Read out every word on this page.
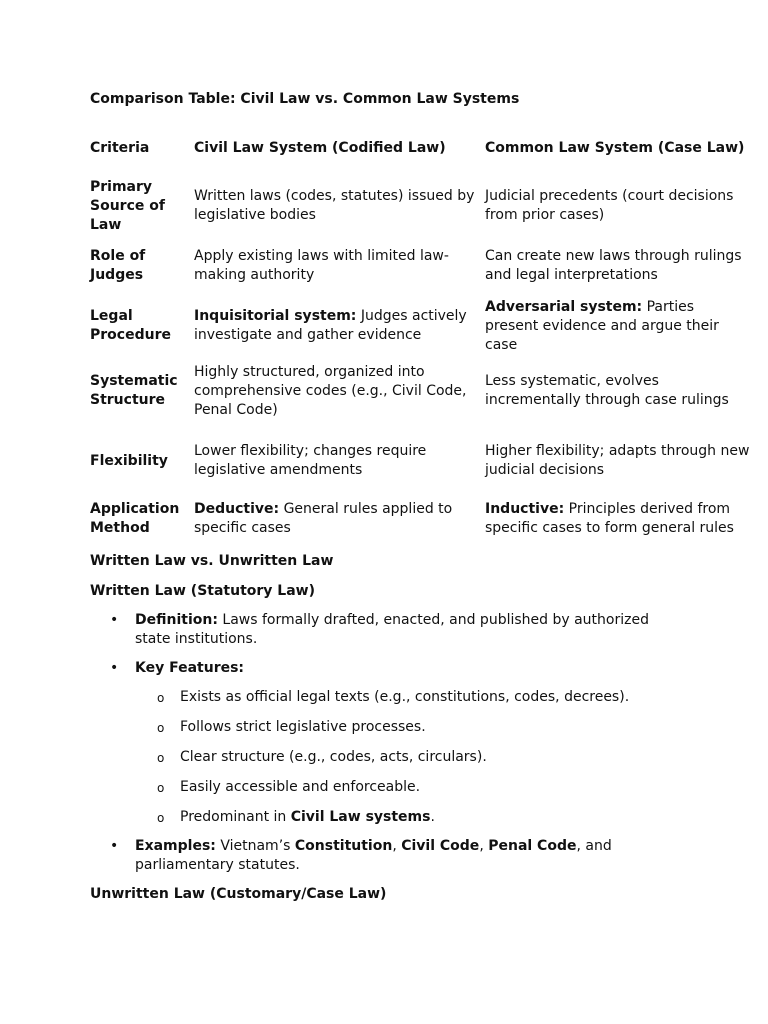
Comparison Table: Civil Law vs. Common Law Systems

Criteria	Civil Law System (Codified Law)	Common Law System (Case Law)
Primary Source of Law	Written laws (codes, statutes) issued by legislative bodies	Judicial precedents (court decisions from prior cases)
Role of Judges	Apply existing laws with limited law-making authority	Can create new laws through rulings and legal interpretations
Legal Procedure	Inquisitorial system: Judges actively investigate and gather evidence	Adversarial system: Parties present evidence and argue their case
Systematic Structure	Highly structured, organized into comprehensive codes (e.g., Civil Code, Penal Code)	Less systematic, evolves incrementally through case rulings
Flexibility	Lower flexibility; changes require legislative amendments	Higher flexibility; adapts through new judicial decisions
Application Method	Deductive: General rules applied to specific cases	Inductive: Principles derived from specific cases to form general rules

Written Law vs. Unwritten Law

Written Law (Statutory Law)

• Definition: Laws formally drafted, enacted, and published by authorized state institutions.
• Key Features:
o Exists as official legal texts (e.g., constitutions, codes, decrees).
o Follows strict legislative processes.
o Clear structure (e.g., codes, acts, circulars).
o Easily accessible and enforceable.
o Predominant in Civil Law systems.
• Examples: Vietnam’s Constitution, Civil Code, Penal Code, and parliamentary statutes.

Unwritten Law (Customary/Case Law)
